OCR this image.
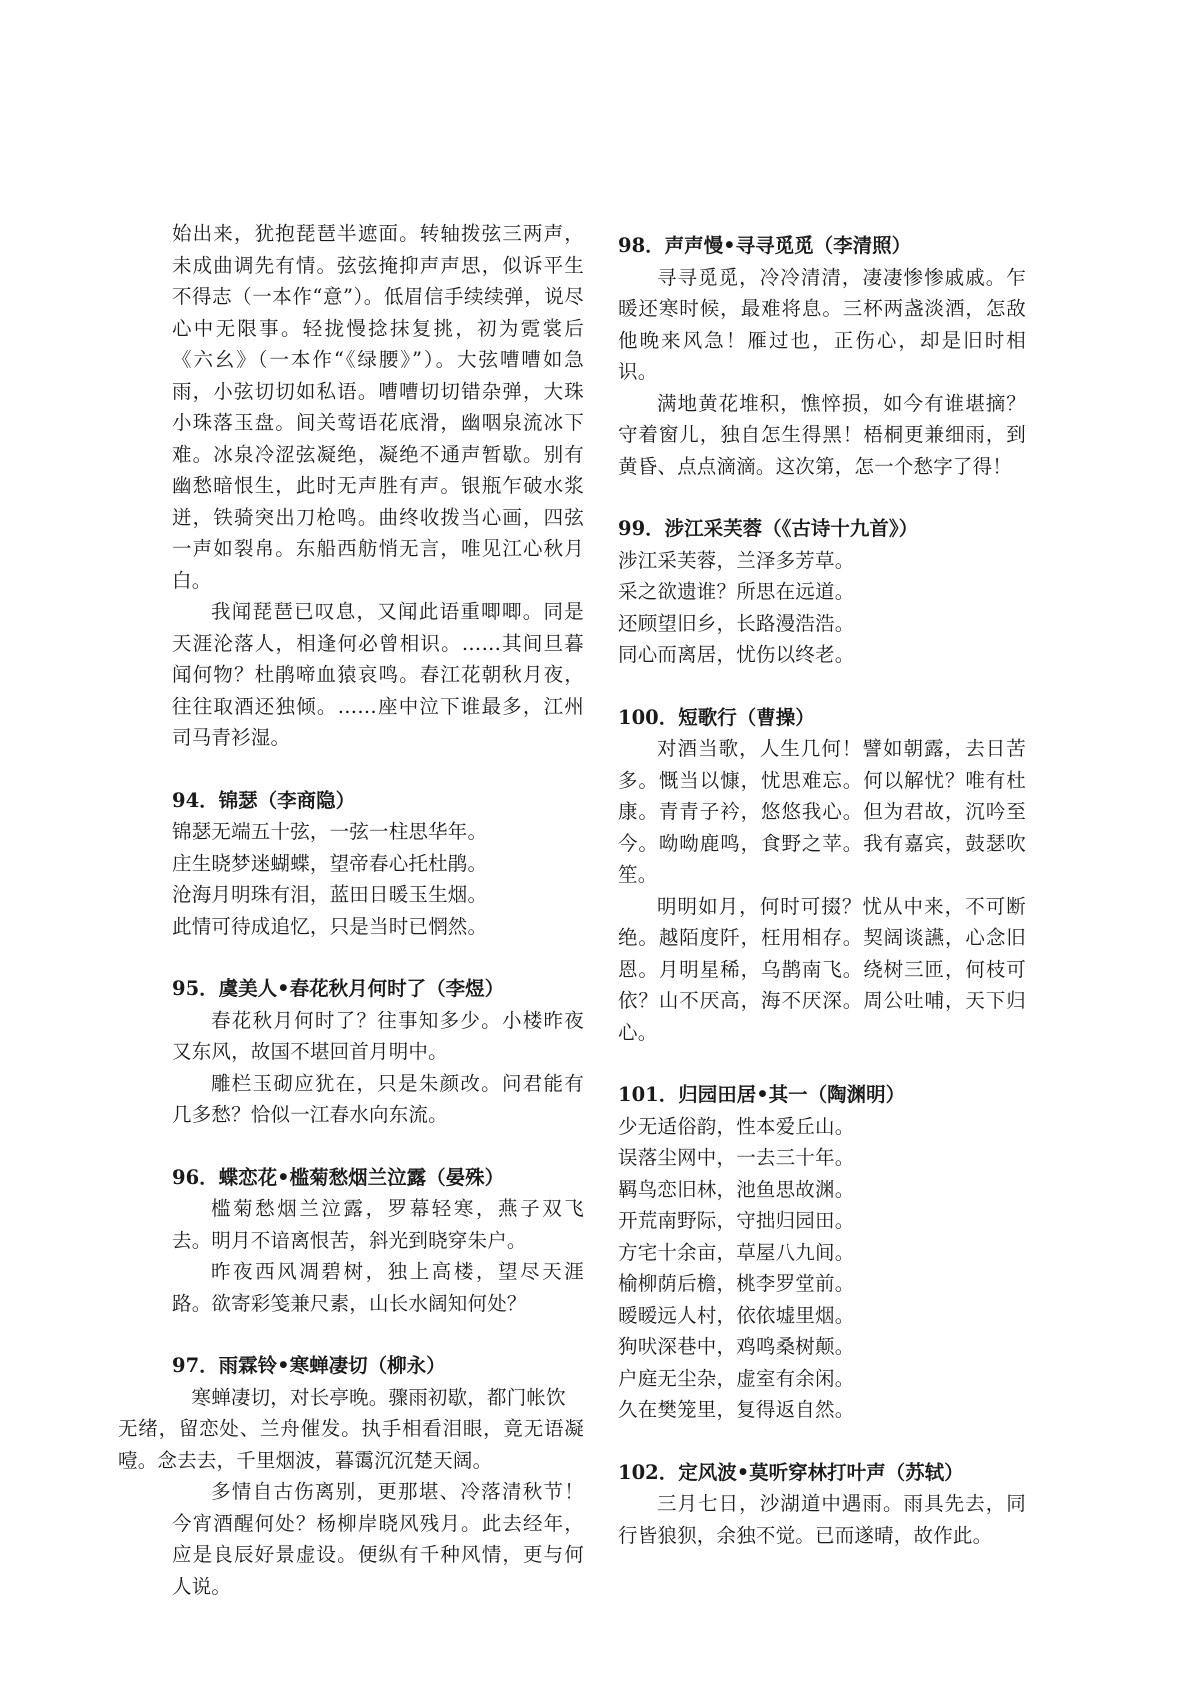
始出来，犹抱琵琶半遮面。转轴拨弦三两声，未成曲调先有情。弦弦掩抑声声思，似诉平生不得志（一本作“意”）。低眉信手续续弹，说尽心中无限事。轻拢慢捻抹复挑，初为霓裳后《六幺》（一本作“《绿腰》”）。大弦嘈嘈如急雨，小弦切切如私语。嘈嘈切切错杂弹，大珠小珠落玉盘。间关莺语花底滑，幽咽泉流冰下难。冰泉冷涩弦凝绝，凝绝不通声暂歇。别有幽愁暗恨生，此时无声胜有声。银瓶乍破水浆迸，铁骑突出刀枪鸣。曲终收拨当心画，四弦一声如裂帛。东船西舫悄无言，唯见江心秋月白。

我闻琵琶已叹息，又闻此语重唧唧。同是天涯沦落人，相逢何必曾相识。……其间旦暮闻何物？杜鹃啼血猿哀鸣。春江花朝秋月夜，往往取酒还独倾。……座中泣下谁最多，江州司马青衫湿。

94．锦瑟（李商隐）

锦瑟无端五十弦，一弦一柱思华年。

庄生晓梦迷蝴蝶，望帝春心托杜鹃。

沧海月明珠有泪，蓝田日暖玉生烟。

此情可待成追忆，只是当时已惘然。

95．虞美人•春花秋月何时了（李煜）

春花秋月何时了？往事知多少。小楼昨夜又东风，故国不堪回首月明中。

雕栏玉砌应犹在，只是朱颜改。问君能有几多愁？恰似一江春水向东流。

96．蝶恋花•槛菊愁烟兰泣露（晏殊）

槛菊愁烟兰泣露，罗幕轻寒，燕子双飞去。明月不谙离恨苦，斜光到晓穿朱户。

昨夜西风凋碧树，独上高楼，望尽天涯路。欲寄彩笺兼尺素，山长水阔知何处？

97．雨霖铃•寒蝉凄切（柳永）

寒蝉凄切，对长亭晚。骤雨初歇，都门帐饮

无绪，留恋处、兰舟催发。执手相看泪眼，竟无语凝噎。念去去，千里烟波，暮霭沉沉楚天阔。

多情自古伤离别，更那堪、冷落清秋节！今宵酒醒何处？杨柳岸晓风残月。此去经年，应是良辰好景虚设。便纵有千种风情，更与何人说。

98．声声慢•寻寻觅觅（李清照）

寻寻觅觅，冷冷清清，凄凄惨惨戚戚。乍暖还寒时候，最难将息。三杯两盏淡酒，怎敌他晚来风急！雁过也，正伤心，却是旧时相识。

满地黄花堆积，憔悴损，如今有谁堪摘？守着窗儿，独自怎生得黑！梧桐更兼细雨，到黄昏、点点滴滴。这次第，怎一个愁字了得！

99．涉江采芙蓉（《古诗十九首》）

涉江采芙蓉，兰泽多芳草。

采之欲遗谁？所思在远道。

还顾望旧乡，长路漫浩浩。

同心而离居，忧伤以终老。

100．短歌行（曹操）

对酒当歌，人生几何！譬如朝露，去日苦多。慨当以慷，忧思难忘。何以解忧？唯有杜康。青青子衿，悠悠我心。但为君故，沉吟至今。呦呦鹿鸣，食野之苹。我有嘉宾，鼓瑟吹笙。

明明如月，何时可掇？忧从中来，不可断绝。越陌度阡，枉用相存。契阔谈讌，心念旧恩。月明星稀，乌鹊南飞。绕树三匝，何枝可依？山不厌高，海不厌深。周公吐哺，天下归心。

101．归园田居•其一（陶渊明）

少无适俗韵，性本爱丘山。

误落尘网中，一去三十年。

羁鸟恋旧林，池鱼思故渊。

开荒南野际，守拙归园田。

方宅十余亩，草屋八九间。

榆柳荫后檐，桃李罗堂前。

暧暧远人村，依依墟里烟。

狗吠深巷中，鸡鸣桑树颠。

户庭无尘杂，虚室有余闲。

久在樊笼里，复得返自然。

102．定风波•莫听穿林打叶声（苏轼）

三月七日，沙湖道中遇雨。雨具先去，同行皆狼狈，余独不觉。已而遂晴，故作此。
